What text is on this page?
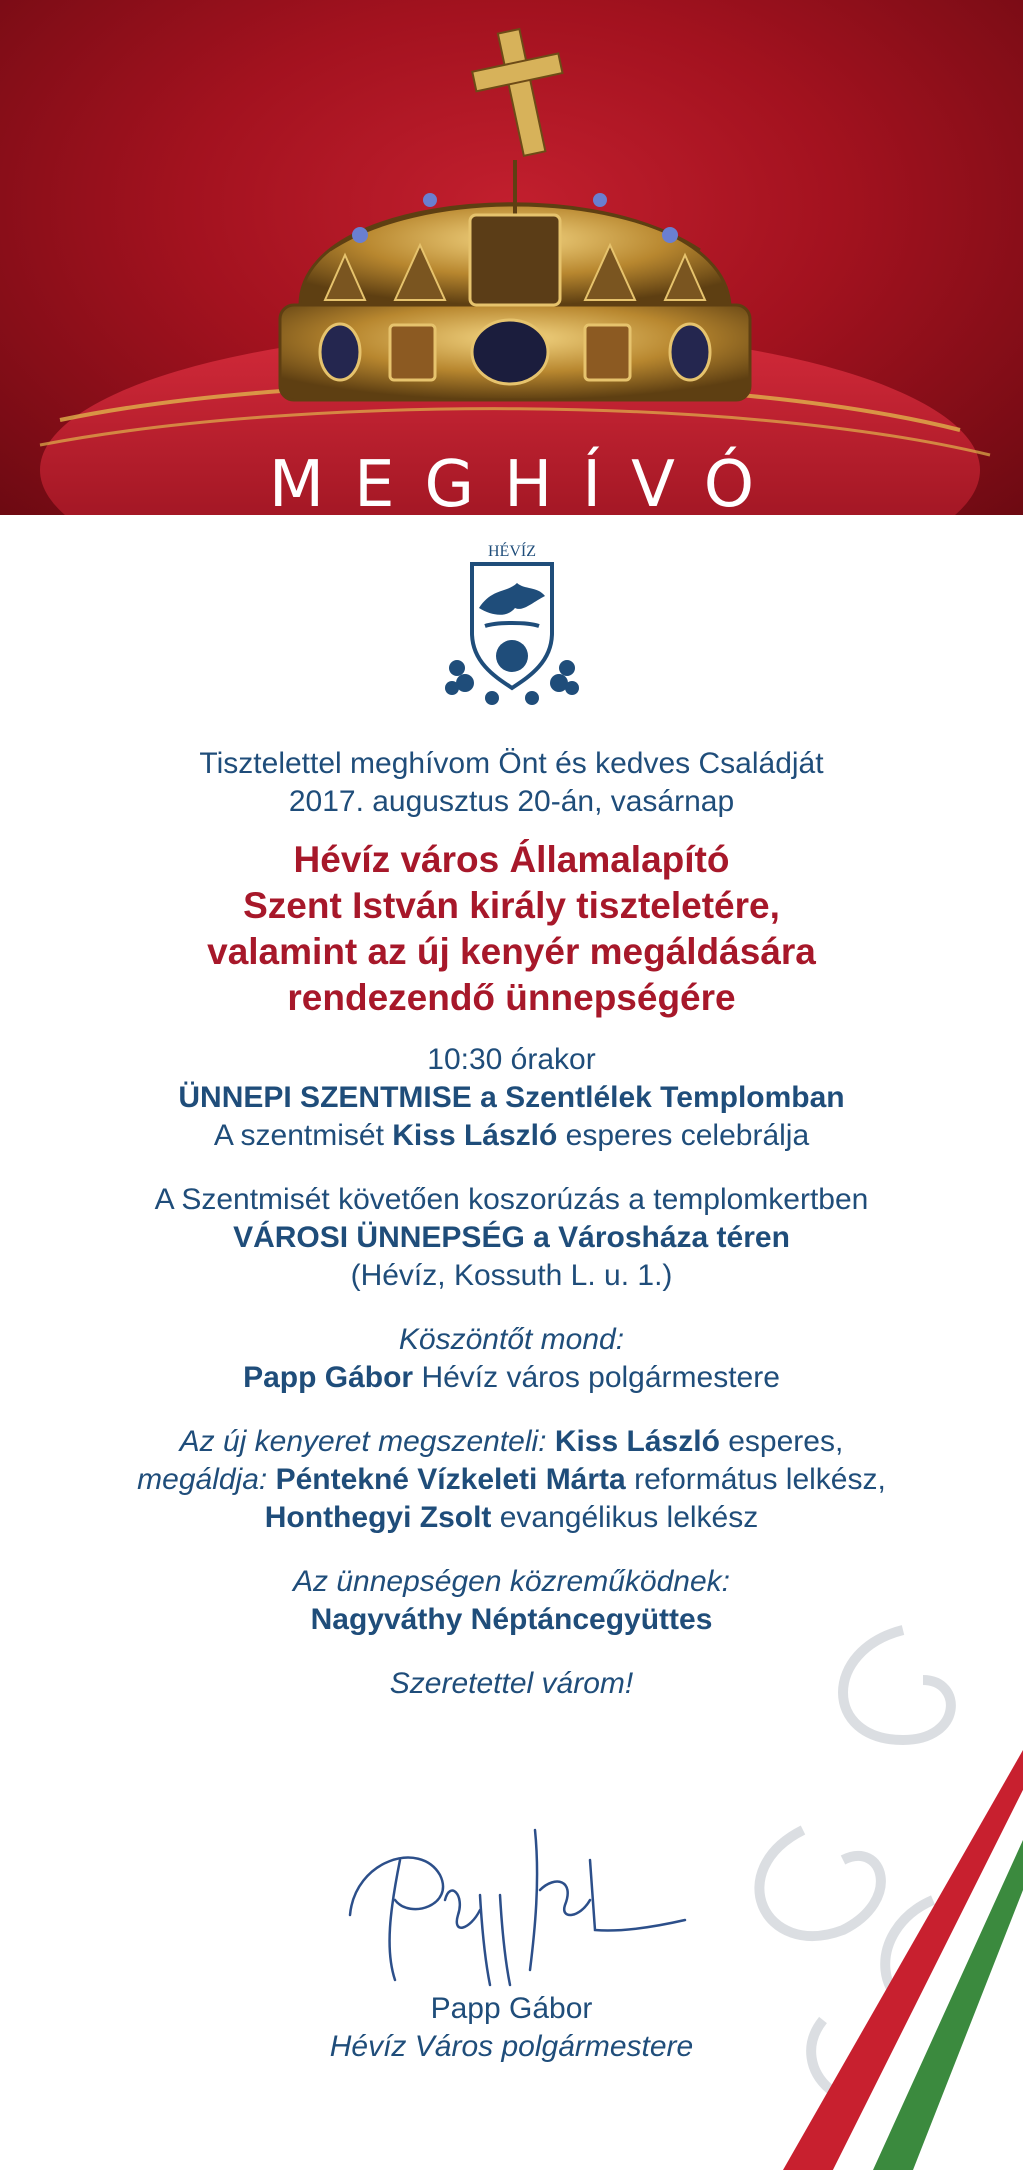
MEGHÍVÓ
HÉVÍZ
Tisztelettel meghívom Önt és kedves Családját
2017. augusztus 20-án, vasárnap
Hévíz város Államalapító
Szent István király tiszteletére,
valamint az új kenyér megáldására
rendezendő ünnepségére
10:30 órakor
ÜNNEPI SZENTMISE a Szentlélek Templomban
A szentmisét Kiss László esperes celebrálja
A Szentmisét követően koszorúzás a templomkertben
VÁROSI ÜNNEPSÉG a Városháza téren
(Hévíz, Kossuth L. u. 1.)
Köszöntőt mond:
Papp Gábor Hévíz város polgármestere
Az új kenyeret megszenteli: Kiss László esperes,
megáldja: Péntekné Vízkeleti Márta református lelkész,
Honthegyi Zsolt evangélikus lelkész
Az ünnepségen közreműködnek:
Nagyváthy Néptáncegyüttes
Szeretettel várom!
Papp Gábor
Hévíz Város polgármestere
